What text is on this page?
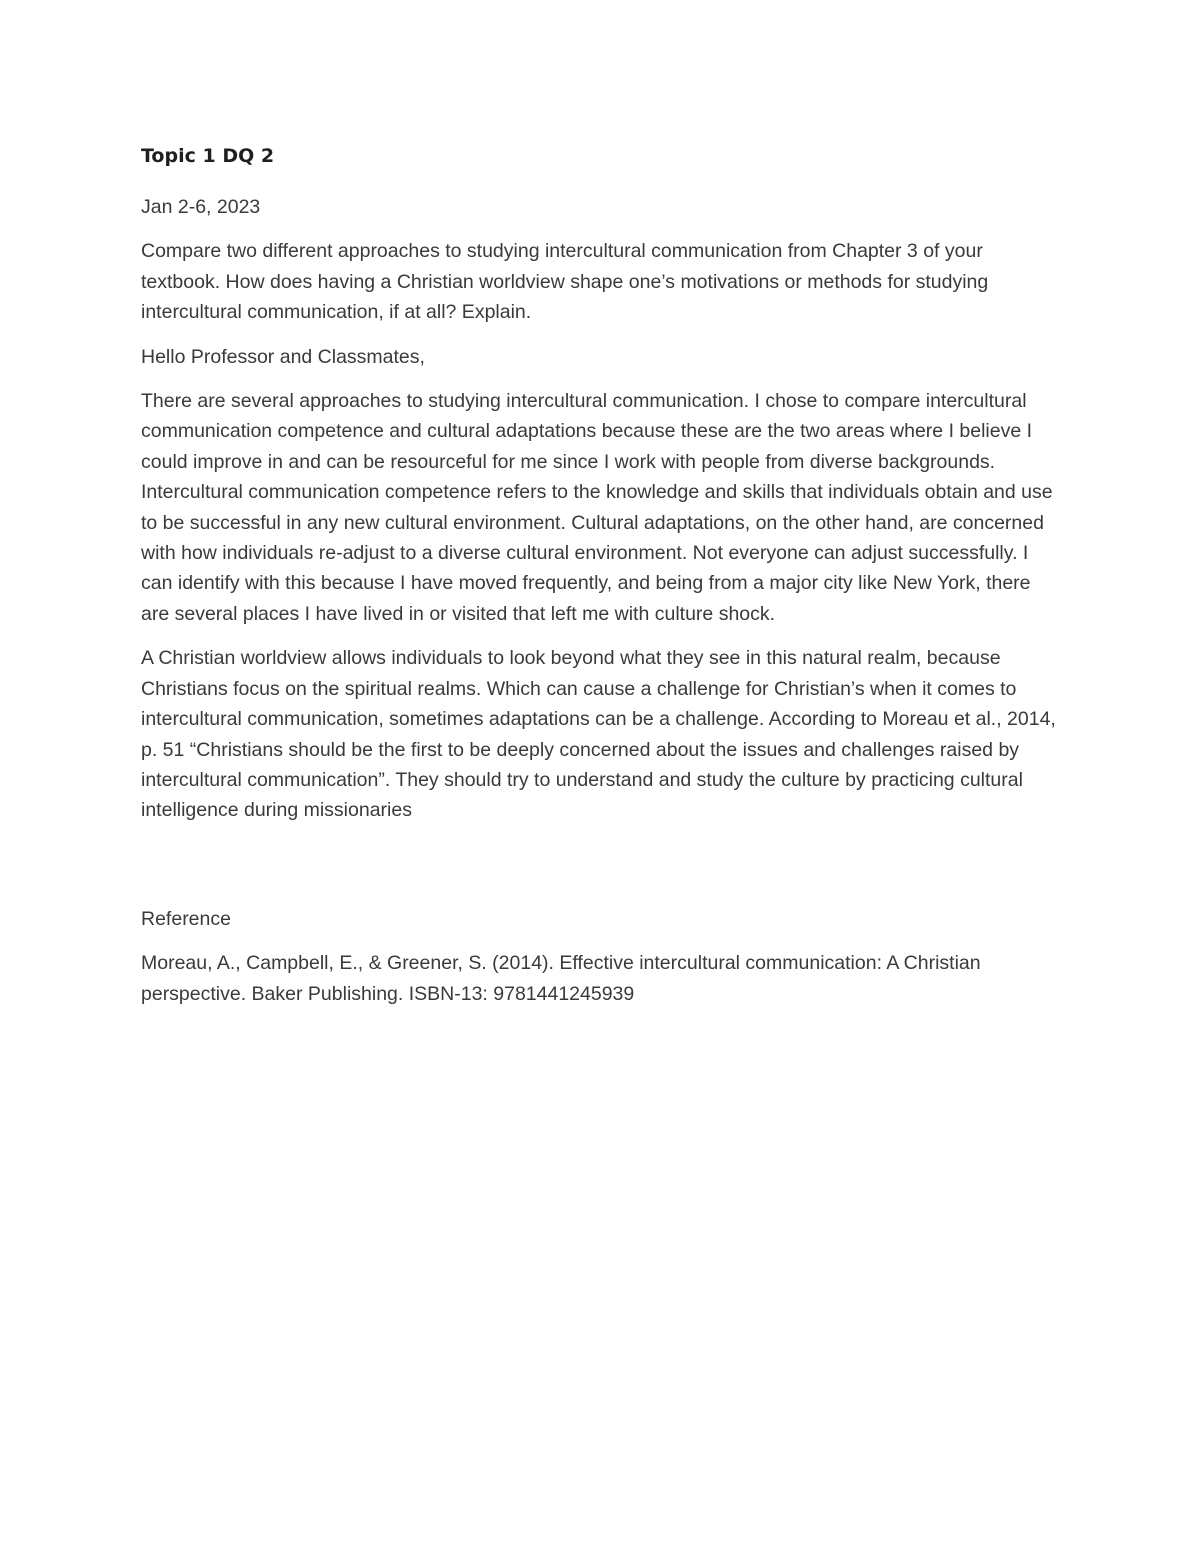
Topic 1 DQ 2

Jan 2-6, 2023

Compare two different approaches to studying intercultural communication from Chapter 3 of your textbook. How does having a Christian worldview shape one’s motivations or methods for studying intercultural communication, if at all? Explain.

Hello Professor and Classmates,

There are several approaches to studying intercultural communication. I chose to compare intercultural communication competence and cultural adaptations because these are the two areas where I believe I could improve in and can be resourceful for me since I work with people from diverse backgrounds. Intercultural communication competence refers to the knowledge and skills that individuals obtain and use to be successful in any new cultural environment. Cultural adaptations, on the other hand, are concerned with how individuals re-adjust to a diverse cultural environment. Not everyone can adjust successfully. I can identify with this because I have moved frequently, and being from a major city like New York, there are several places I have lived in or visited that left me with culture shock.

A Christian worldview allows individuals to look beyond what they see in this natural realm, because Christians focus on the spiritual realms. Which can cause a challenge for Christian’s when it comes to intercultural communication, sometimes adaptations can be a challenge. According to Moreau et al., 2014, p. 51 “Christians should be the first to be deeply concerned about the issues and challenges raised by intercultural communication”. They should try to understand and study the culture by practicing cultural intelligence during missionaries

Reference

Moreau, A., Campbell, E., & Greener, S. (2014). Effective intercultural communication: A Christian perspective. Baker Publishing. ISBN-13: 9781441245939
